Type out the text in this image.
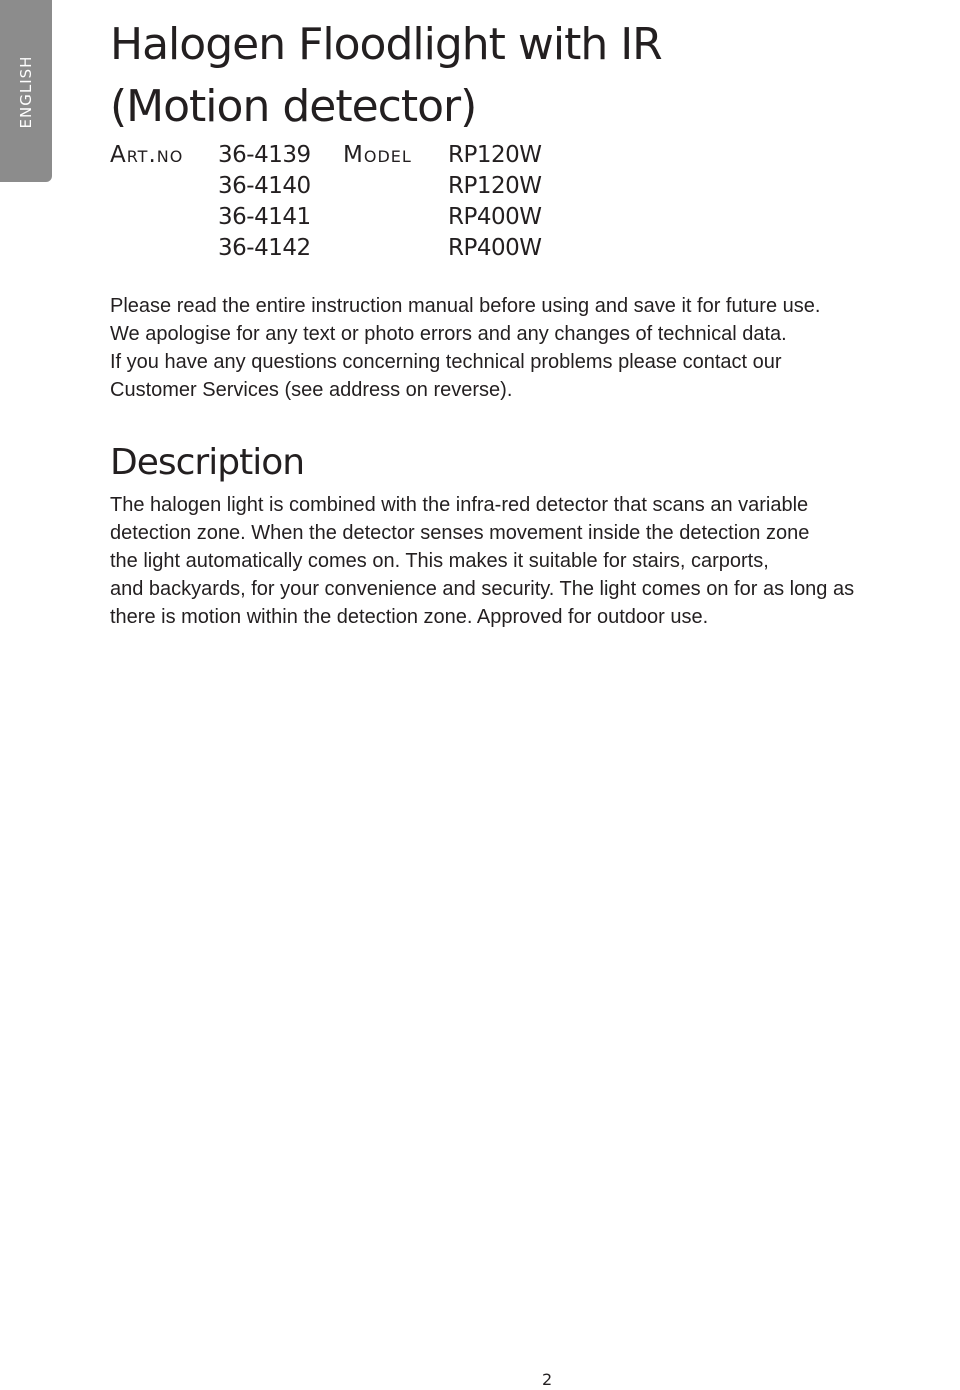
ENGLISH
Halogen Floodlight with IR
(Motion detector)
Art.no 36-4139
36-4140
36-4141
36-4142
Model RP120W
RP120W
RP400W
RP400W

Please read the entire instruction manual before using and save it for future use.
We apologise for any text or photo errors and any changes of technical data.
If you have any questions concerning technical problems please contact our
Customer Services (see address on reverse).

Description

The halogen light is combined with the infra-red detector that scans an variable
detection zone. When the detector senses movement inside the detection zone
the light automatically comes on. This makes it suitable for stairs, carports,
and backyards, for your convenience and security. The light comes on for as long as
there is motion within the detection zone. Approved for outdoor use.

2
